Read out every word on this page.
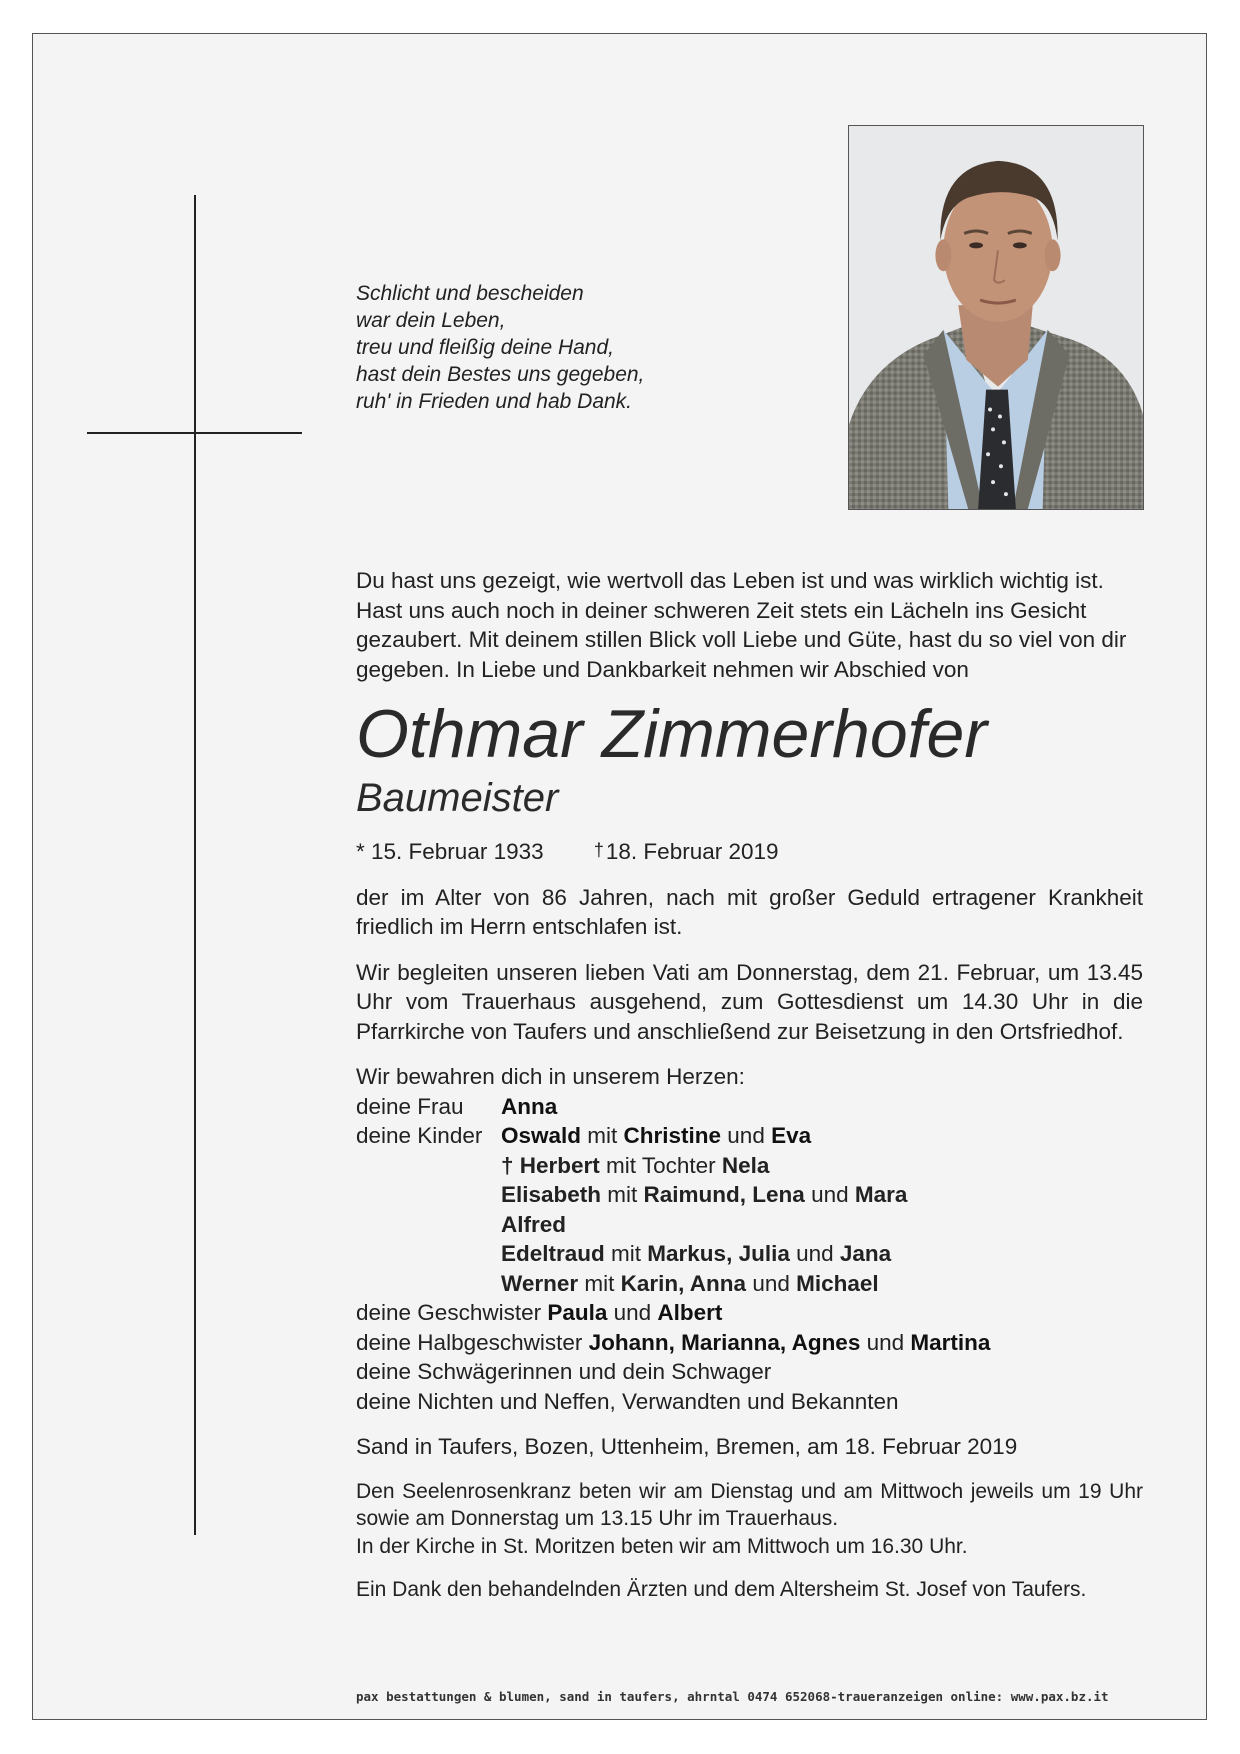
Schlicht und bescheiden
war dein Leben,
treu und fleißig deine Hand,
hast dein Bestes uns gegeben,
ruh' in Frieden und hab Dank.

Du hast uns gezeigt, wie wertvoll das Leben ist und was wirklich wichtig ist. Hast uns auch noch in deiner schweren Zeit stets ein Lächeln ins Gesicht gezaubert. Mit deinem stillen Blick voll Liebe und Güte, hast du so viel von dir gegeben. In Liebe und Dankbarkeit nehmen wir Abschied von

Othmar Zimmerhofer

Baumeister

* 15. Februar 1933	†18. Februar 2019

der im Alter von 86 Jahren, nach mit großer Geduld ertragener Krankheit friedlich im Herrn entschlafen ist.

Wir begleiten unseren lieben Vati am Donnerstag, dem 21. Februar, um 13.45 Uhr vom Trauerhaus ausgehend, zum Gottesdienst um 14.30 Uhr in die Pfarrkirche von Taufers und anschließend zur Beisetzung in den Ortsfriedhof.

Wir bewahren dich in unserem Herzen:
deine Frau	Anna
deine Kinder Oswald mit Christine und Eva
† Herbert mit Tochter Nela
Elisabeth mit Raimund, Lena und Mara
Alfred
Edeltraud mit Markus, Julia und Jana
Werner mit Karin, Anna und Michael
deine Geschwister Paula und Albert
deine Halbgeschwister Johann, Marianna, Agnes und Martina
deine Schwägerinnen und dein Schwager
deine Nichten und Neffen, Verwandten und Bekannten

Sand in Taufers, Bozen, Uttenheim, Bremen, am 18. Februar 2019

Den Seelenrosenkranz beten wir am Dienstag und am Mittwoch jeweils um 19 Uhr sowie am Donnerstag um 13.15 Uhr im Trauerhaus.

In der Kirche in St. Moritzen beten wir am Mittwoch um 16.30 Uhr.

Ein Dank den behandelnden Ärzten und dem Altersheim St. Josef von Taufers.

pax bestattungen & blumen, sand in taufers, ahrntal 0474 652068-traueranzeigen online: www.pax.bz.it
